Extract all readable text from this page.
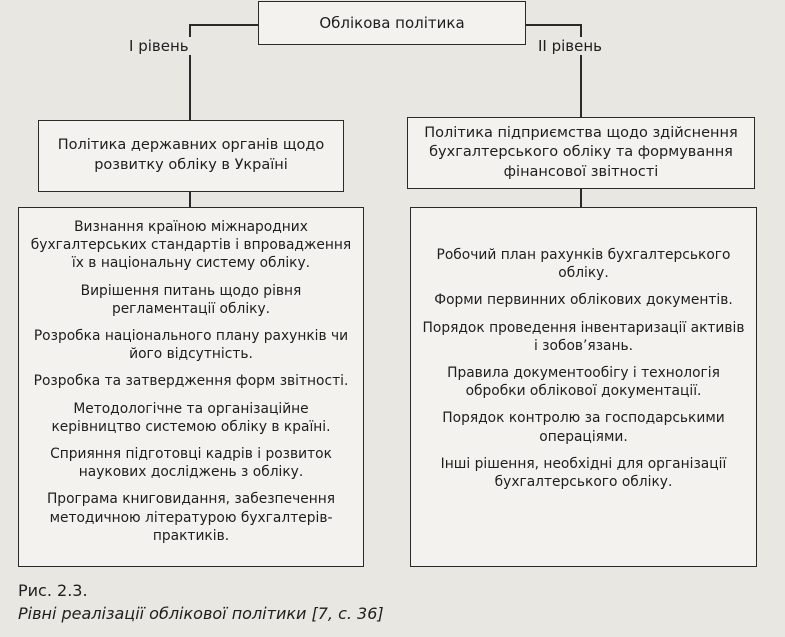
Облікова політика
I рівень	II рівень
Політика державних органів щодо розвитку обліку в Україні
Політика підприємства щодо здійснення бухгалтерського обліку та формування фінансової звітності
Визнання країною міжнародних бухгалтерських стандартів і впровадження їх в національну систему обліку.
Вирішення питань щодо рівня регламентації обліку.
Розробка національного плану рахунків чи його відсутність.
Розробка та затвердження форм звітності.
Методологічне та організаційне керівництво системою обліку в країні.
Сприяння підготовці кадрів і розвиток наукових досліджень з обліку.
Програма книговидання, забезпечення методичною літературою бухгалтерів-практиків.
Робочий план рахунків бухгалтерського обліку.
Форми первинних облікових документів.
Порядок проведення інвентаризації активів і зобов’язань.
Правила документообігу і технологія обробки облікової документації.
Порядок контролю за господарськими операціями.
Інші рішення, необхідні для організації бухгалтерського обліку.
Рис. 2.3.
Рівні реалізації облікової політики [7, с. 36]
